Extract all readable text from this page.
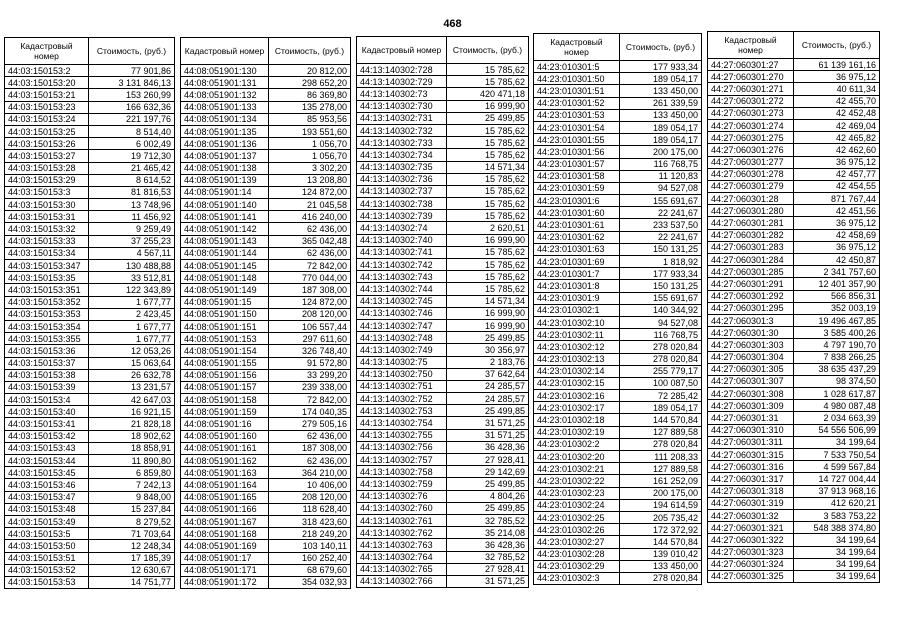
468
Кадастровый номер	Стоимость, (руб.)
44:03:150153:2	77 901,86
44:03:150153:20	3 131 846,13
44:03:150153:21	153 260,99
44:03:150153:23	166 632,36
44:03:150153:24	221 197,76
44:03:150153:25	8 514,40
44:03:150153:26	6 002,49
44:03:150153:27	19 712,30
44:03:150153:28	21 465,42
44:03:150153:29	8 614,52
44:03:150153:3	81 816,53
44:03:150153:30	13 748,96
44:03:150153:31	11 456,92
44:03:150153:32	9 259,49
44:03:150153:33	37 255,23
44:03:150153:34	4 567,11
44:03:150153:347	130 488,88
44:03:150153:35	33 512,81
44:03:150153:351	122 343,89
44:03:150153:352	1 677,77
44:03:150153:353	2 423,45
44:03:150153:354	1 677,77
44:03:150153:355	1 677,77
44:03:150153:36	12 053,26
44:03:150153:37	15 063,64
44:03:150153:38	26 632,78
44:03:150153:39	13 231,57
44:03:150153:4	42 647,03
44:03:150153:40	16 921,15
44:03:150153:41	21 828,18
44:03:150153:42	18 902,62
44:03:150153:43	18 858,91
44:03:150153:44	11 890,80
44:03:150153:45	6 859,80
44:03:150153:46	7 242,13
44:03:150153:47	9 848,00
44:03:150153:48	15 237,84
44:03:150153:49	8 279,52
44:03:150153:5	71 703,64
44:03:150153:50	12 248,34
44:03:150153:51	17 185,39
44:03:150153:52	12 630,67
44:03:150153:53	14 751,77
Кадастровый номер	Стоимость, (руб.)
44:08:051901:130	20 812,00
44:08:051901:131	298 652,20
44:08:051901:132	86 369,80
44:08:051901:133	135 278,00
44:08:051901:134	85 953,56
44:08:051901:135	193 551,60
44:08:051901:136	1 056,70
44:08:051901:137	1 056,70
44:08:051901:138	3 302,20
44:08:051901:139	13 208,80
44:08:051901:14	124 872,00
44:08:051901:140	21 045,58
44:08:051901:141	416 240,00
44:08:051901:142	62 436,00
44:08:051901:143	365 042,48
44:08:051901:144	62 436,00
44:08:051901:145	72 842,00
44:08:051901:148	770 044,00
44:08:051901:149	187 308,00
44:08:051901:15	124 872,00
44:08:051901:150	208 120,00
44:08:051901:151	106 557,44
44:08:051901:153	297 611,60
44:08:051901:154	326 748,40
44:08:051901:155	91 572,80
44:08:051901:156	33 299,20
44:08:051901:157	239 338,00
44:08:051901:158	72 842,00
44:08:051901:159	174 040,35
44:08:051901:16	279 505,16
44:08:051901:160	62 436,00
44:08:051901:161	187 308,00
44:08:051901:162	62 436,00
44:08:051901:163	364 210,00
44:08:051901:164	10 406,00
44:08:051901:165	208 120,00
44:08:051901:166	118 628,40
44:08:051901:167	318 423,60
44:08:051901:168	218 249,20
44:08:051901:169	103 140,11
44:08:051901:17	160 252,40
44:08:051901:171	68 679,60
44:08:051901:172	354 032,93
Кадастровый номер	Стоимость, (руб.)
44:13:140302:728	15 785,62
44:13:140302:729	15 785,62
44:13:140302:73	420 471,18
44:13:140302:730	16 999,90
44:13:140302:731	25 499,85
44:13:140302:732	15 785,62
44:13:140302:733	15 785,62
44:13:140302:734	15 785,62
44:13:140302:735	14 571,34
44:13:140302:736	15 785,62
44:13:140302:737	15 785,62
44:13:140302:738	15 785,62
44:13:140302:739	15 785,62
44:13:140302:74	2 620,51
44:13:140302:740	16 999,90
44:13:140302:741	15 785,62
44:13:140302:742	15 785,62
44:13:140302:743	15 785,62
44:13:140302:744	15 785,62
44:13:140302:745	14 571,34
44:13:140302:746	16 999,90
44:13:140302:747	16 999,90
44:13:140302:748	25 499,85
44:13:140302:749	30 356,97
44:13:140302:75	2 183,76
44:13:140302:750	37 642,64
44:13:140302:751	24 285,57
44:13:140302:752	24 285,57
44:13:140302:753	25 499,85
44:13:140302:754	31 571,25
44:13:140302:755	31 571,25
44:13:140302:756	36 428,36
44:13:140302:757	27 928,41
44:13:140302:758	29 142,69
44:13:140302:759	25 499,85
44:13:140302:76	4 804,26
44:13:140302:760	25 499,85
44:13:140302:761	32 785,52
44:13:140302:762	35 214,08
44:13:140302:763	36 428,36
44:13:140302:764	32 785,52
44:13:140302:765	27 928,41
44:13:140302:766	31 571,25
Кадастровый номер	Стоимость, (руб.)
44:23:010301:5	177 933,34
44:23:010301:50	189 054,17
44:23:010301:51	133 450,00
44:23:010301:52	261 339,59
44:23:010301:53	133 450,00
44:23:010301:54	189 054,17
44:23:010301:55	189 054,17
44:23:010301:56	200 175,00
44:23:010301:57	116 768,75
44:23:010301:58	11 120,83
44:23:010301:59	94 527,08
44:23:010301:6	155 691,67
44:23:010301:60	22 241,67
44:23:010301:61	233 537,50
44:23:010301:62	22 241,67
44:23:010301:63	150 131,25
44:23:010301:69	1 818,92
44:23:010301:7	177 933,34
44:23:010301:8	150 131,25
44:23:010301:9	155 691,67
44:23:010302:1	140 344,92
44:23:010302:10	94 527,08
44:23:010302:11	116 768,75
44:23:010302:12	278 020,84
44:23:010302:13	278 020,84
44:23:010302:14	255 779,17
44:23:010302:15	100 087,50
44:23:010302:16	72 285,42
44:23:010302:17	189 054,17
44:23:010302:18	144 570,84
44:23:010302:19	127 889,58
44:23:010302:2	278 020,84
44:23:010302:20	111 208,33
44:23:010302:21	127 889,58
44:23:010302:22	161 252,09
44:23:010302:23	200 175,00
44:23:010302:24	194 614,59
44:23:010302:25	205 735,42
44:23:010302:26	172 372,92
44:23:010302:27	144 570,84
44:23:010302:28	139 010,42
44:23:010302:29	133 450,00
44:23:010302:3	278 020,84
Кадастровый номер	Стоимость, (руб.)
44:27:060301:27	61 139 161,16
44:27:060301:270	36 975,12
44:27:060301:271	40 611,34
44:27:060301:272	42 455,70
44:27:060301:273	42 452,48
44:27:060301:274	42 469,04
44:27:060301:275	42 465,82
44:27:060301:276	42 462,60
44:27:060301:277	36 975,12
44:27:060301:278	42 457,77
44:27:060301:279	42 454,55
44:27:060301:28	871 767,44
44:27:060301:280	42 451,56
44:27:060301:281	36 975,12
44:27:060301:282	42 458,69
44:27:060301:283	36 975,12
44:27:060301:284	42 450,87
44:27:060301:285	2 341 757,60
44:27:060301:291	12 401 357,90
44:27:060301:292	566 856,31
44:27:060301:295	352 003,19
44:27:060301:3	19 496 467,85
44:27:060301:30	3 585 400,26
44:27:060301:303	4 797 190,70
44:27:060301:304	7 838 266,25
44:27:060301:305	38 635 437,29
44:27:060301:307	98 374,50
44:27:060301:308	1 028 617,87
44:27:060301:309	4 980 087,48
44:27:060301:31	2 034 663,39
44:27:060301:310	54 556 506,99
44:27:060301:311	34 199,64
44:27:060301:315	7 533 750,54
44:27:060301:316	4 599 567,84
44:27:060301:317	14 727 004,44
44:27:060301:318	37 913 968,16
44:27:060301:319	412 620,21
44:27:060301:32	3 583 753,22
44:27:060301:321	548 388 374,80
44:27:060301:322	34 199,64
44:27:060301:323	34 199,64
44:27:060301:324	34 199,64
44:27:060301:325	34 199,64
